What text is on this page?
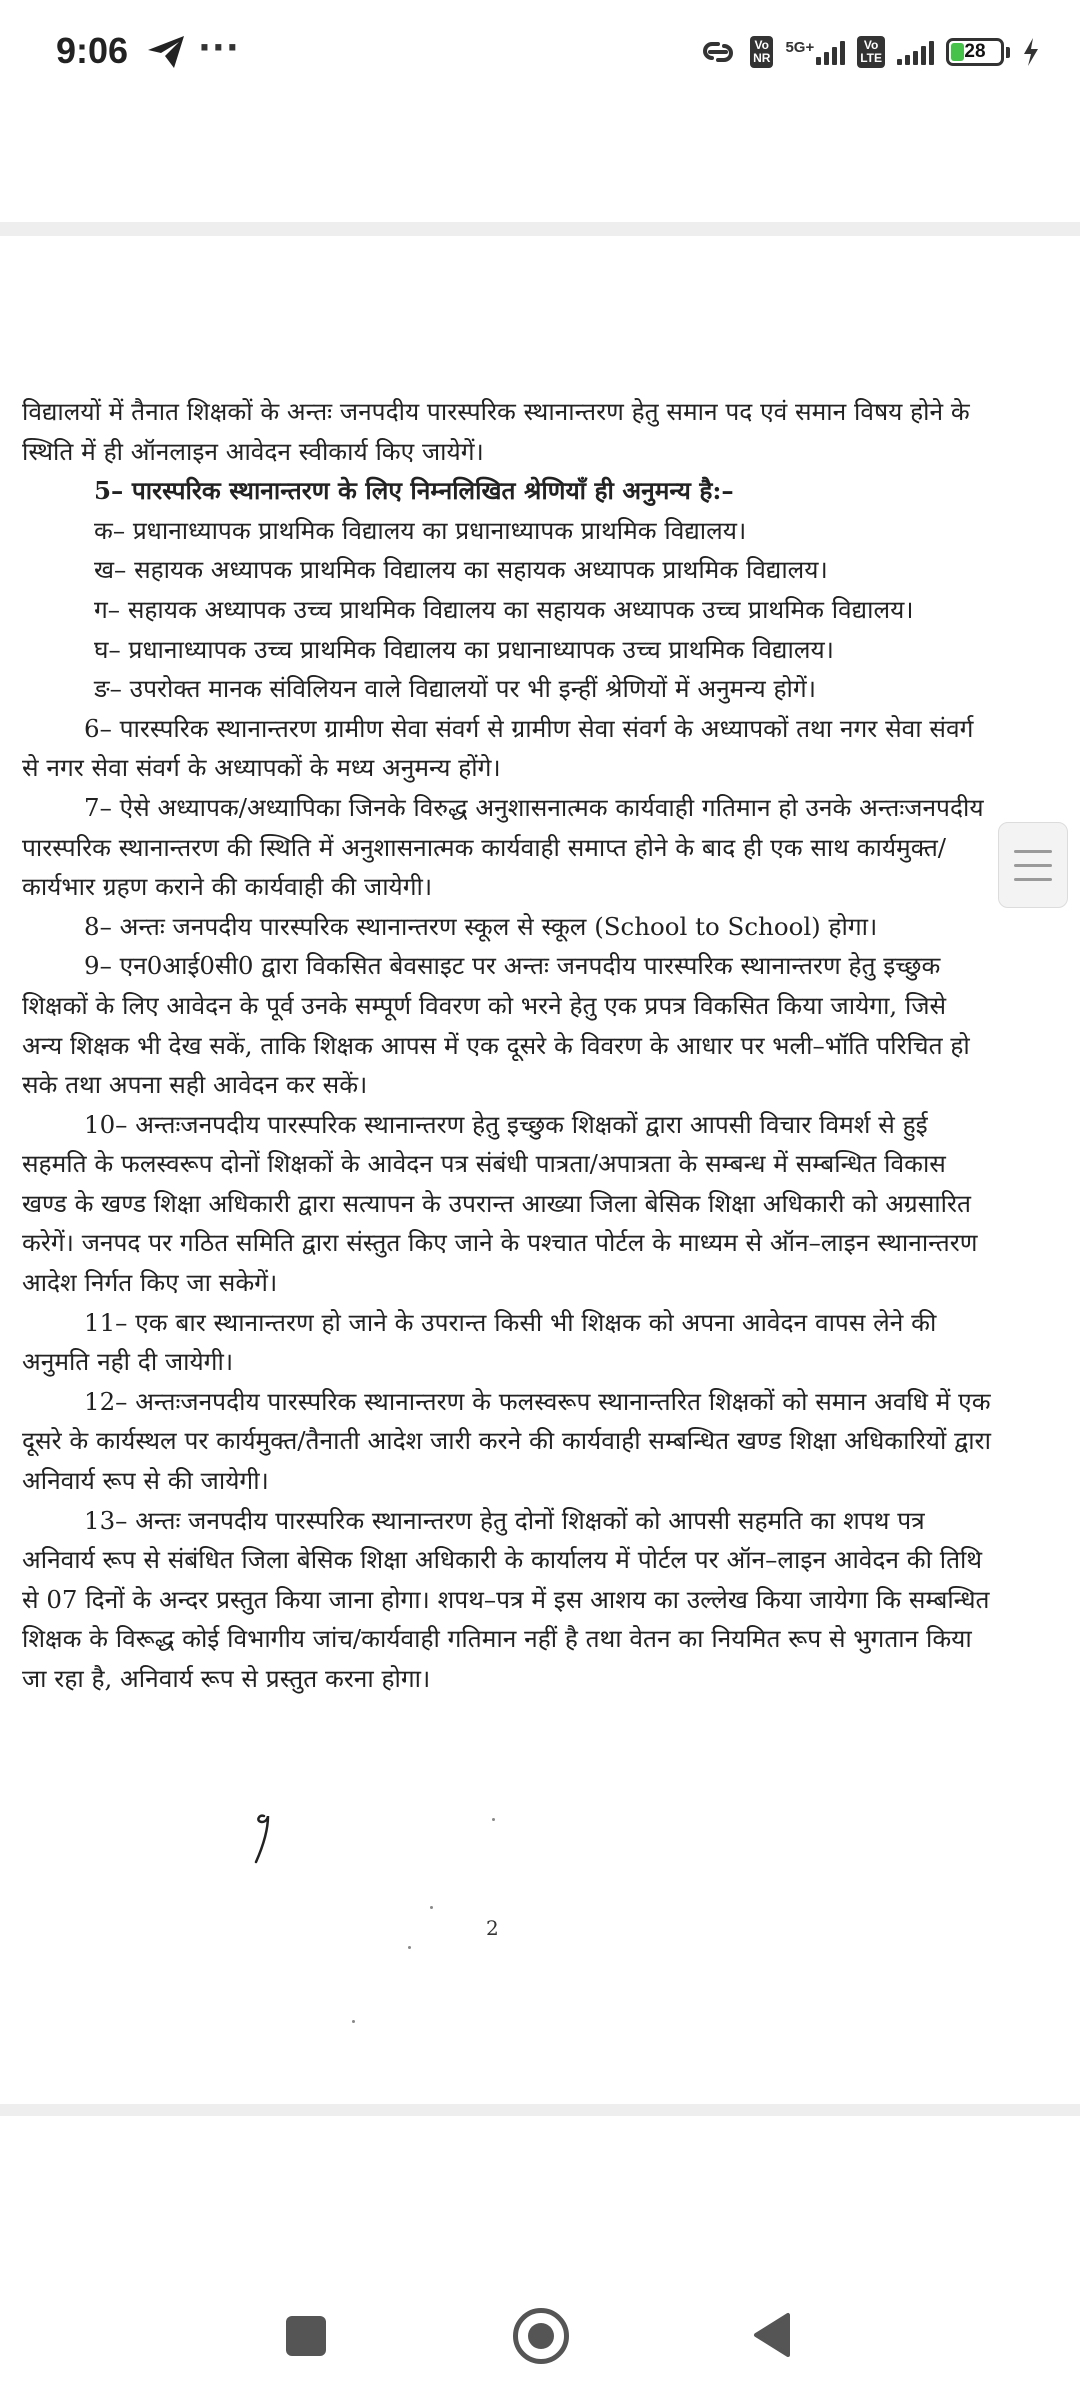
9:06 ···	Vo
NR
5G+	Vo
LTE	28

विद्यालयों में तैनात शिक्षकों के अन्तः जनपदीय पारस्परिक स्थानान्तरण हेतु समान पद एवं समान विषय होने के स्थिति में ही ऑनलाइन आवेदन स्वीकार्य किए जायेगें।

5– पारस्परिक स्थानान्तरण के लिए निम्नलिखित श्रेणियाँ ही अनुमन्य है:–

क– प्रधानाध्यापक प्राथमिक विद्यालय का प्रधानाध्यापक प्राथमिक विद्यालय।

ख– सहायक अध्यापक प्राथमिक विद्यालय का सहायक अध्यापक प्राथमिक विद्यालय।

ग– सहायक अध्यापक उच्च प्राथमिक विद्यालय का सहायक अध्यापक उच्च प्राथमिक विद्यालय।

घ– प्रधानाध्यापक उच्च प्राथमिक विद्यालय का प्रधानाध्यापक उच्च प्राथमिक विद्यालय।

ङ– उपरोक्त मानक संविलियन वाले विद्यालयों पर भी इन्हीं श्रेणियों में अनुमन्य होगें।

6– पारस्परिक स्थानान्तरण ग्रामीण सेवा संवर्ग से ग्रामीण सेवा संवर्ग के अध्यापकों तथा नगर सेवा संवर्ग से नगर सेवा संवर्ग के अध्यापकों के मध्य अनुमन्य होंगे।

7– ऐसे अध्यापक/अध्यापिका जिनके विरुद्ध अनुशासनात्मक कार्यवाही गतिमान हो उनके अन्तःजनपदीय पारस्परिक स्थानान्तरण की स्थिति में अनुशासनात्मक कार्यवाही समाप्त होने के बाद ही एक साथ कार्यमुक्त/कार्यभार ग्रहण कराने की कार्यवाही की जायेगी।

8– अन्तः जनपदीय पारस्परिक स्थानान्तरण स्कूल से स्कूल (School to School) होगा।

9– एन0आई0सी0 द्वारा विकसित बेवसाइट पर अन्तः जनपदीय पारस्परिक स्थानान्तरण हेतु इच्छुक शिक्षकों के लिए आवेदन के पूर्व उनके सम्पूर्ण विवरण को भरने हेतु एक प्रपत्र विकसित किया जायेगा, जिसे अन्य शिक्षक भी देख सकें, ताकि शिक्षक आपस में एक दूसरे के विवरण के आधार पर भली–भॉति परिचित हो सके तथा अपना सही आवेदन कर सकें।

10– अन्तःजनपदीय पारस्परिक स्थानान्तरण हेतु इच्छुक शिक्षकों द्वारा आपसी विचार विमर्श से हुई सहमति के फलस्वरूप दोनों शिक्षकों के आवेदन पत्र संबंधी पात्रता/अपात्रता के सम्बन्ध में सम्बन्धित विकास खण्ड के खण्ड शिक्षा अधिकारी द्वारा सत्यापन के उपरान्त आख्या जिला बेसिक शिक्षा अधिकारी को अग्रसारित करेगें। जनपद पर गठित समिति द्वारा संस्तुत किए जाने के पश्चात पोर्टल के माध्यम से ऑन–लाइन स्थानान्तरण आदेश निर्गत किए जा सकेगें।

11– एक बार स्थानान्तरण हो जाने के उपरान्त किसी भी शिक्षक को अपना आवेदन वापस लेने की अनुमति नही दी जायेगी।

12– अन्तःजनपदीय पारस्परिक स्थानान्तरण के फलस्वरूप स्थानान्तरित शिक्षकों को समान अवधि में एक दूसरे के कार्यस्थल पर कार्यमुक्त/तैनाती आदेश जारी करने की कार्यवाही सम्बन्धित खण्ड शिक्षा अधिकारियों द्वारा अनिवार्य रूप से की जायेगी।

13– अन्तः जनपदीय पारस्परिक स्थानान्तरण हेतु दोनों शिक्षकों को आपसी सहमति का शपथ पत्र अनिवार्य रूप से संबंधित जिला बेसिक शिक्षा अधिकारी के कार्यालय में पोर्टल पर ऑन–लाइन आवेदन की तिथि से 07 दिनों के अन्दर प्रस्तुत किया जाना होगा। शपथ–पत्र में इस आशय का उल्लेख किया जायेगा कि सम्बन्धित शिक्षक के विरूद्ध कोई विभागीय जांच/कार्यवाही गतिमान नहीं है तथा वेतन का नियमित रूप से भुगतान किया जा रहा है, अनिवार्य रूप से प्रस्तुत करना होगा।

2
